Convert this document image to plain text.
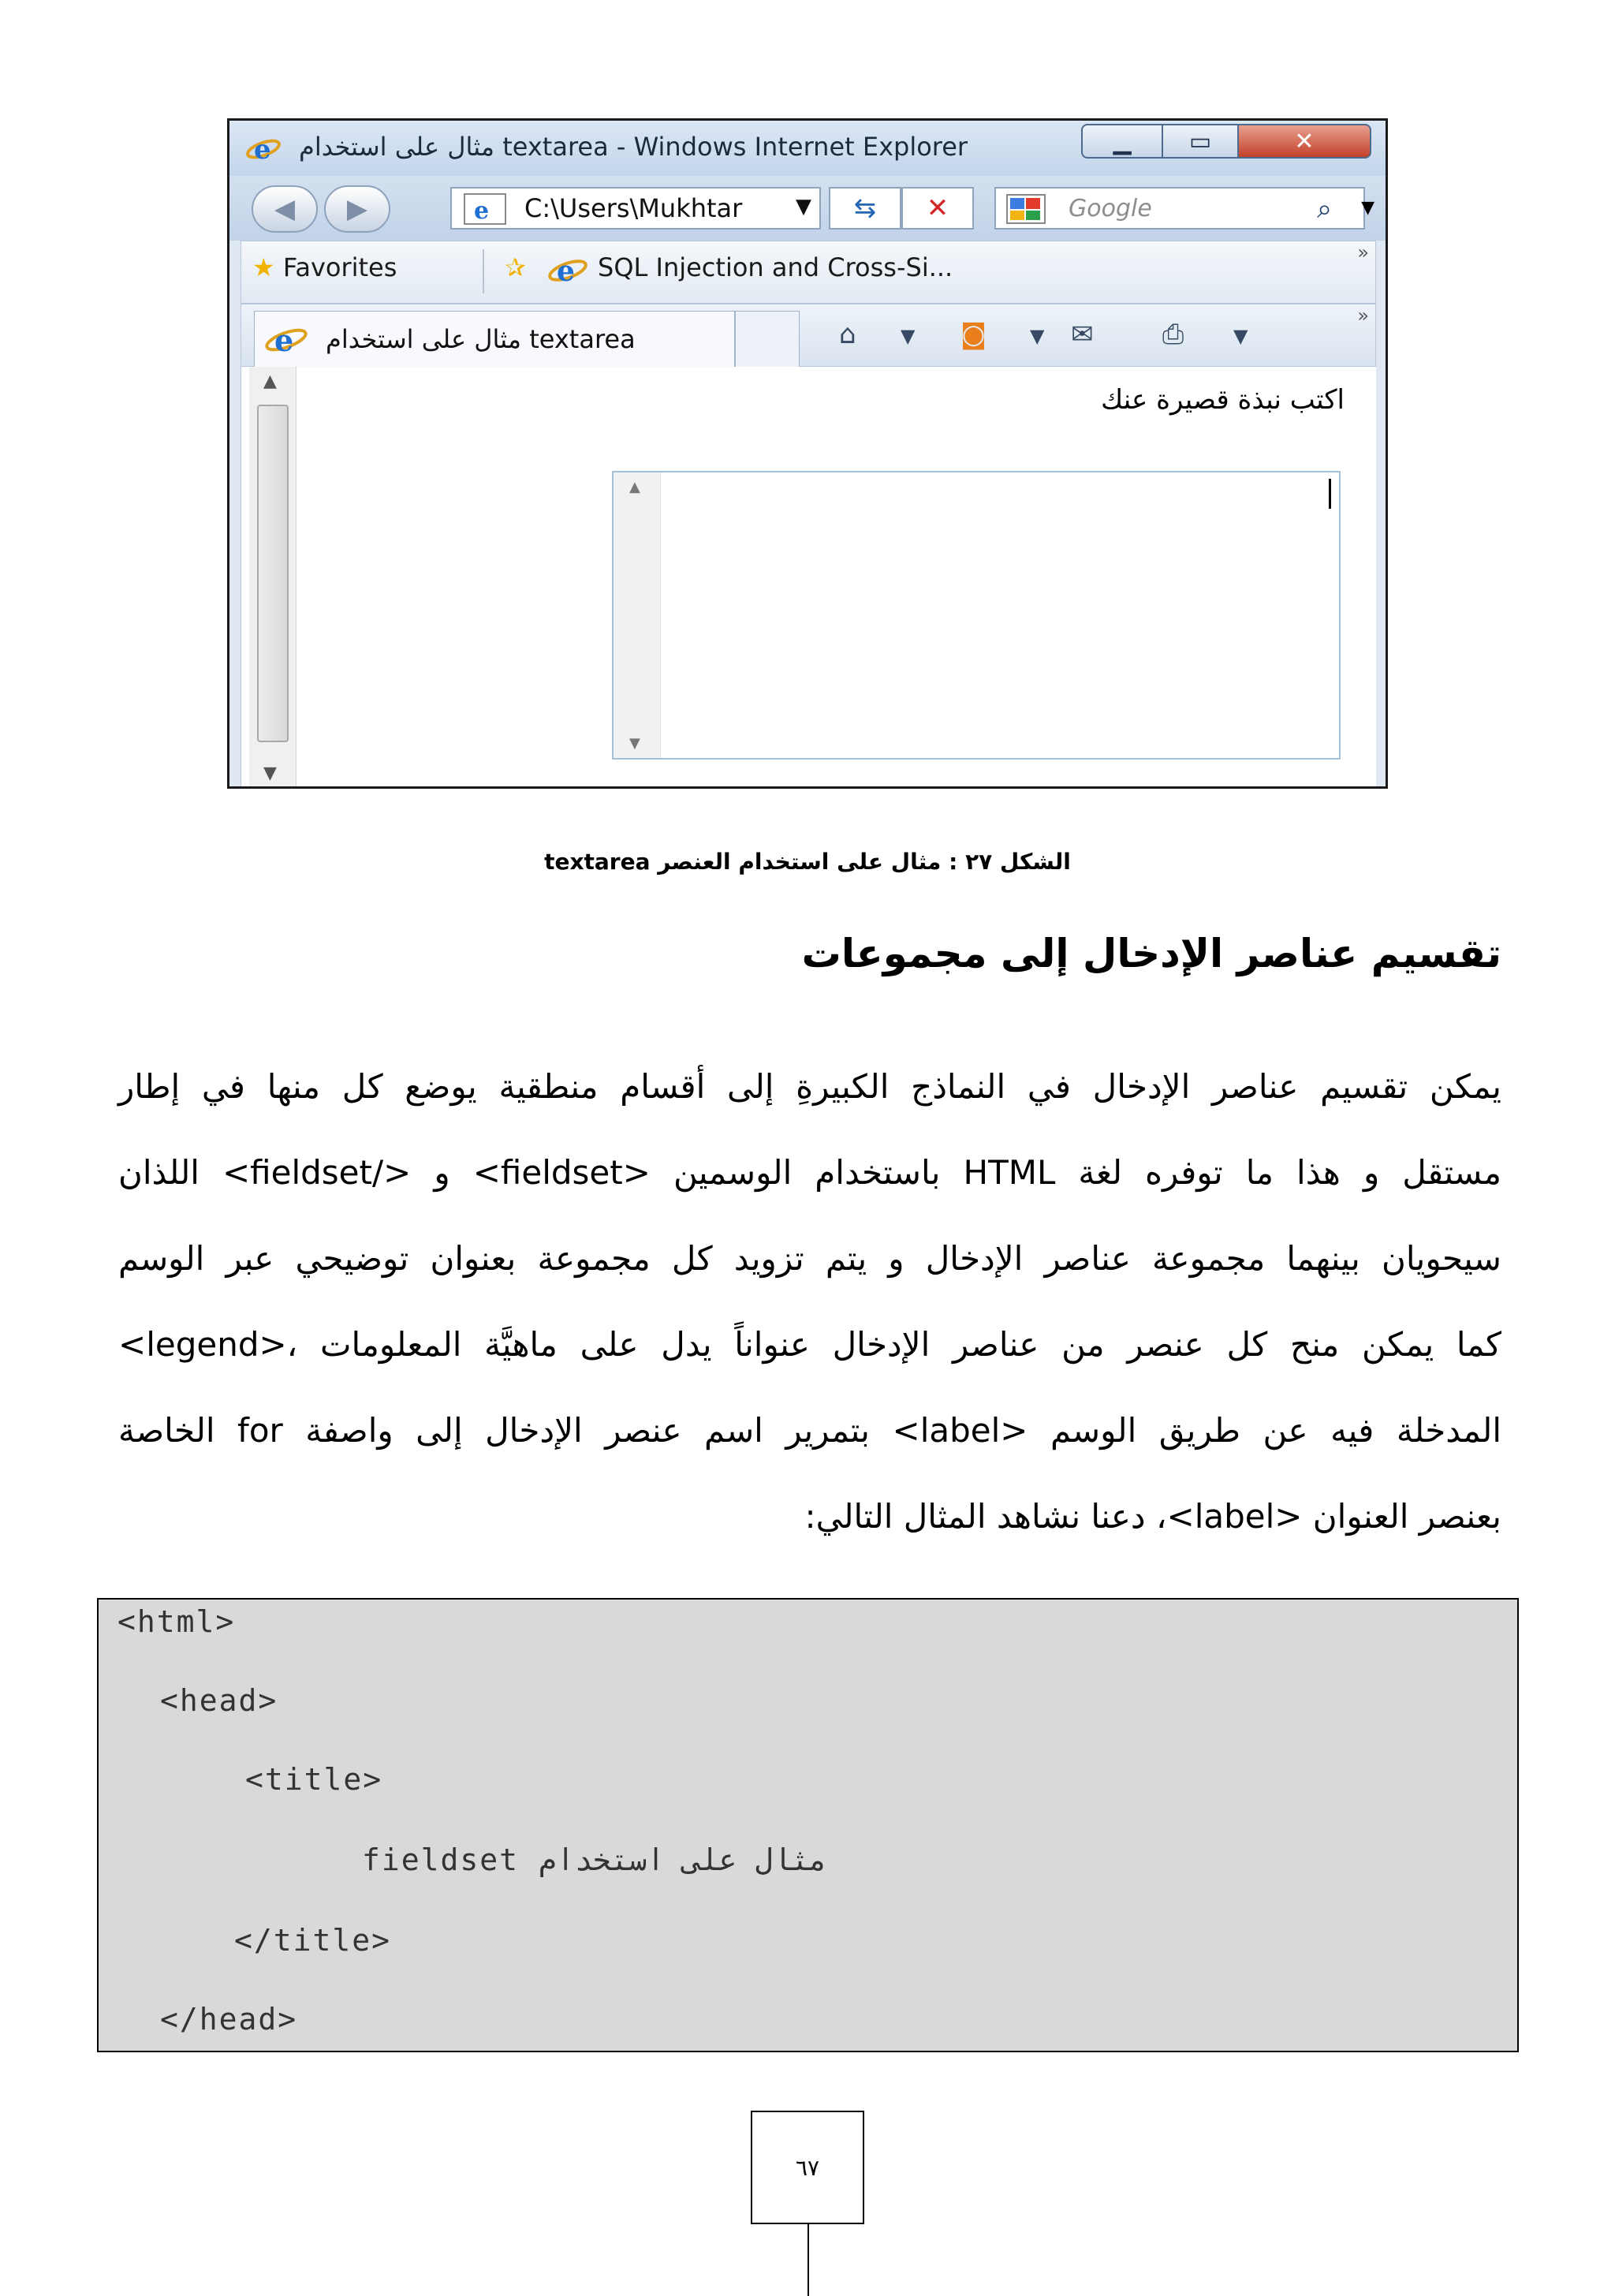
e مثال على استخدام textarea - Windows Internet Explorer	▁	▭	✕
◀ ▶	e C:\Users\Mukhtar	▼ ⇆ ✕	Google	⌕ ▼
★ Favorites	✰ e SQL Injection and Cross-Si...	»
e مثال على استخدام textarea	⌂ ▼ ◙ ▼ ✉	⎙	▼
»
▲
▼
اكتب نبذة قصيرة عنك
▲
▼
الشكل ٢٧ : مثال على استخدام العنصر textarea
تقسيم عناصر الإدخال إلى مجموعات
يمكن تقسيم عناصر الإدخال في النماذج الكبيرةِ إلى أقسام منطقية يوضع كل منها في إطار
مستقل و هذا ما توفره لغة HTML باستخدام الوسمين <fieldset> و </fieldset> اللذان
سيحويان بينهما مجموعة عناصر الإدخال و يتم تزويد كل مجموعة بعنوان توضيحي عبر الوسم
<legend>، كما يمكن منح كل عنصر من عناصر الإدخال عنواناً يدل على ماهيَّة المعلومات
المدخلة فيه عن طريق الوسم <label> بتمرير اسم عنصر الإدخال إلى واصفة for الخاصة
بعنصر العنوان <label>، دعنا نشاهد المثال التالي:
<html>
<head>
<title>
fieldset مثال على استخدام
</title>
</head>
٦٧
